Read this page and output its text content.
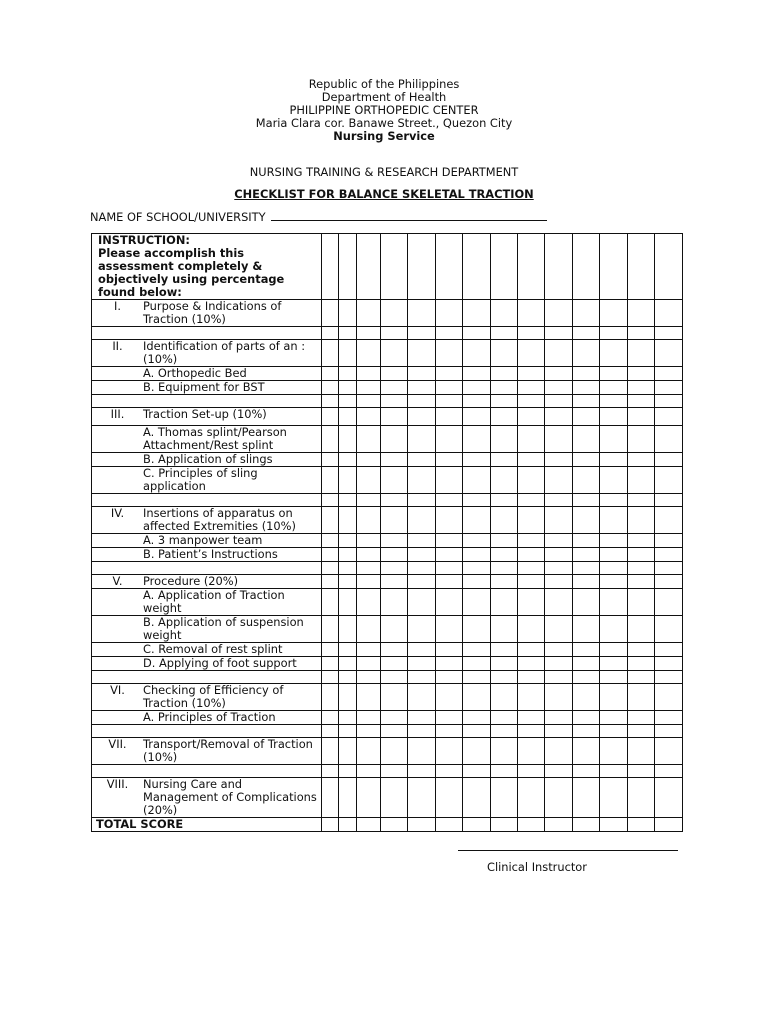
Republic of the Philippines
Department of Health
PHILIPPINE ORTHOPEDIC CENTER
Maria Clara cor. Banawe Street., Quezon City
Nursing Service
NURSING TRAINING & RESEARCH DEPARTMENT
CHECKLIST FOR BALANCE SKELETAL TRACTION
NAME OF SCHOOL/UNIVERSITY
INSTRUCTION:
Please accomplish this assessment completely & objectively using percentage found below:														

I. Purpose & Indications of Traction (10%)														

II. Identification of parts of an : (10%)														

A. Orthopedic Bed														

B. Equipment for BST														

III. Traction Set-up (10%)														

A. Thomas splint/Pearson Attachment/Rest splint														

B. Application of slings														

C. Principles of sling application														

IV. Insertions of apparatus on affected Extremities (10%)														

A. 3 manpower team														

B. Patient’s Instructions														

V. Procedure (20%)														

A. Application of Traction weight														

B. Application of suspension weight														

C. Removal of rest splint														

D. Applying of foot support														

VI. Checking of Efficiency of Traction (10%)														

A. Principles of Traction														

VII. Transport/Removal of Traction (10%)														

VIII. Nursing Care and Management of Complications (20%)														

TOTAL SCORE														
Clinical Instructor
